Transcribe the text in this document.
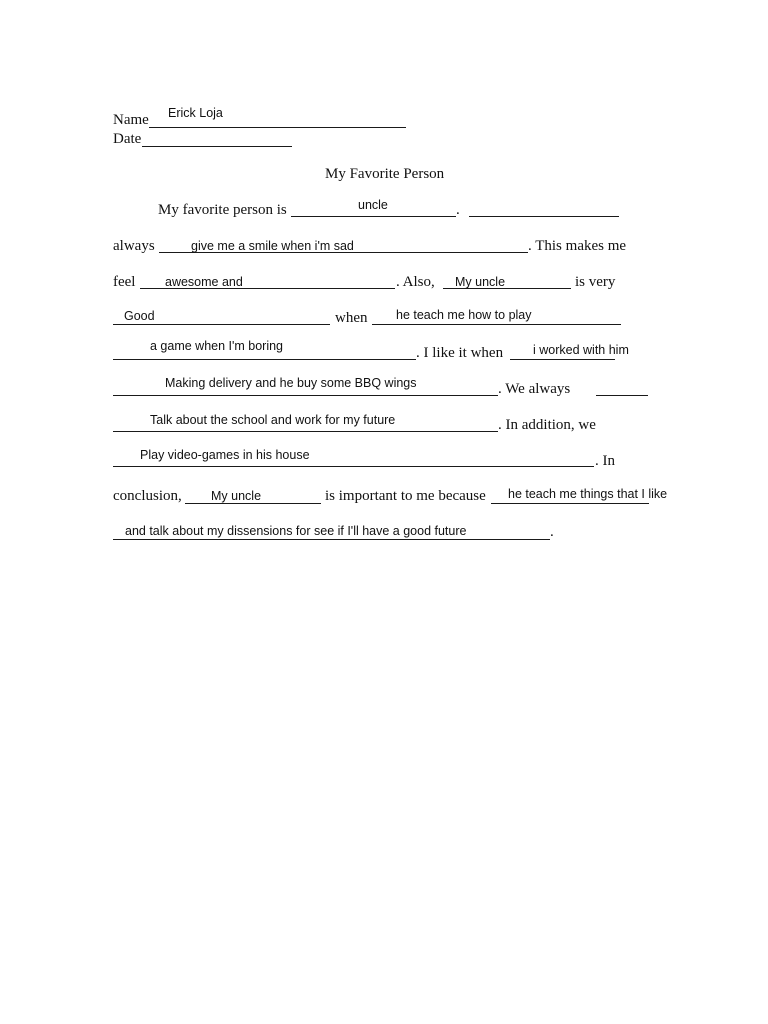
Name Erick Loja
Date
My Favorite Person
My favorite person is	uncle	.
always	give me a smile when i'm sad	. This makes me
feel awesome and	. Also, My uncle	is very
Good	when he teach me how to play
a game when I'm boring	. I like it when i worked with him
Making delivery and he buy some BBQ wings	. We always
Talk about the school and work for my future	. In addition, we
Play video-games in his house	. In
conclusion, My uncle	is important to me because he teach me things that I like
and talk about my dissensions for see if I'll have a good future	.
